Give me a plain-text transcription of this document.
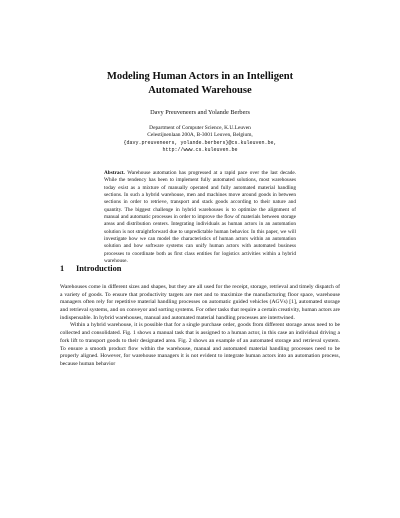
Modeling Human Actors in an Intelligent
Automated Warehouse
Davy Preuveneers and Yolande Berbers
Department of Computer Science, K.U.Leuven
Celestijnenlaan 200A, B-3001 Leuven, Belgium,
{davy.preuveneers, yolande.berbers}@cs.kuleuven.be,
http://www.cs.kuleuven.be
Abstract. Warehouse automation has progressed at a rapid pace over the last decade. While the tendency has been to implement fully automated solutions, most warehouses today exist as a mixture of manually operated and fully automated material handling sections. In such a hybrid warehouse, men and machines move around goods in between sections in order to retrieve, transport and stack goods according to their nature and quantity. The biggest challenge in hybrid warehouses is to optimize the alignment of manual and automatic processes in order to improve the flow of materials between storage areas and distribution centers. Integrating individuals as human actors in an automation solution is not straightforward due to unpredictable human behavior. In this paper, we will investigate how we can model the characteristics of human actors within an automation solution and how software systems can unify human actors with automated business processes to coordinate both as first class entities for logistics activities within a hybrid warehouse.
1 Introduction

Warehouses come in different sizes and shapes, but they are all used for the receipt, storage, retrieval and timely dispatch of a variety of goods. To ensure that productivity targets are met and to maximize the manufacturing floor space, warehouse managers often rely for repetitive material handling processes on automatic guided vehicles (AGVs) [1], automated storage and retrieval systems, and on conveyor and sorting systems. For other tasks that require a certain creativity, human actors are indispensable. In hybrid warehouses, manual and automated material handling processes are intertwined.

Within a hybrid warehouse, it is possible that for a single purchase order, goods from different storage areas need to be collected and consolidated. Fig. 1 shows a manual task that is assigned to a human actor, in this case an individual driving a fork lift to transport goods to their designated area. Fig. 2 shows an example of an automated storage and retrieval system. To ensure a smooth product flow within the warehouse, manual and automated material handling processes need to be properly aligned. However, for warehouse managers it is not evident to integrate human actors into an automation process, because human behavior
